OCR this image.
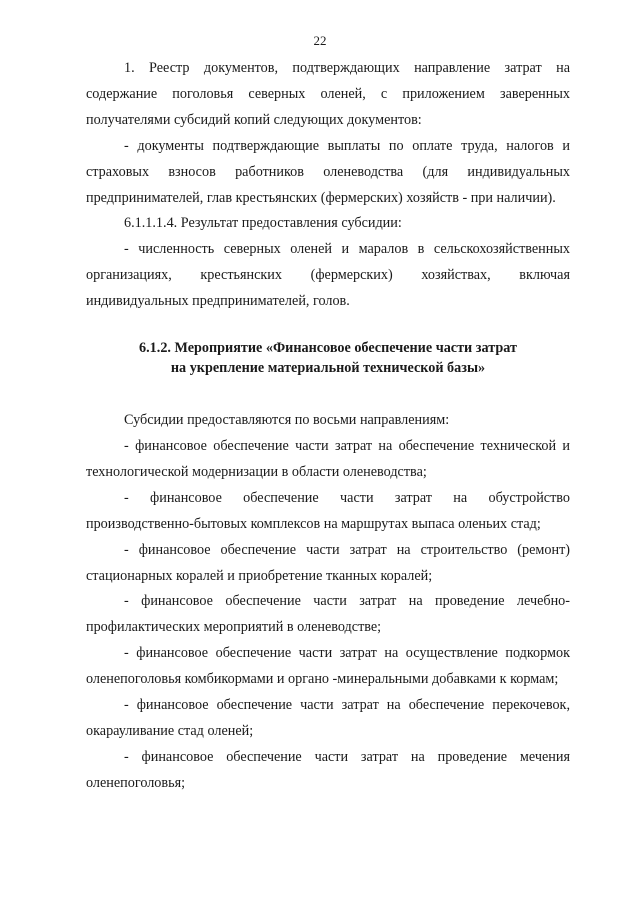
22

1. Реестр документов, подтверждающих направление затрат на содержание поголовья северных оленей, с приложением заверенных получателями субсидий копий следующих документов:

- документы подтверждающие выплаты по оплате труда, налогов и страховых взносов работников оленеводства (для индивидуальных предпринимателей, глав крестьянских (фермерских) хозяйств - при наличии).

6.1.1.1.4. Результат предоставления субсидии:

- численность северных оленей и маралов в сельскохозяйственных организациях, крестьянских (фермерских) хозяйствах, включая индивидуальных предпринимателей, голов.

6.1.2. Мероприятие «Финансовое обеспечение части затрат
на укрепление материальной технической базы»

Субсидии предоставляются по восьми направлениям:

- финансовое обеспечение части затрат на обеспечение технической и технологической модернизации в области оленеводства;

- финансовое обеспечение части затрат на обустройство производственно-бытовых комплексов на маршрутах выпаса оленьих стад;

- финансовое обеспечение части затрат на строительство (ремонт) стационарных коралей и приобретение тканных коралей;

- финансовое обеспечение части затрат на проведение лечебно-профилактических мероприятий в оленеводстве;

- финансовое обеспечение части затрат на осуществление подкормок оленепоголовья комбикормами и органо -минеральными добавками к кормам;

- финансовое обеспечение части затрат на обеспечение перекочевок, окарауливание стад оленей;

- финансовое обеспечение части затрат на проведение мечения оленепоголовья;
